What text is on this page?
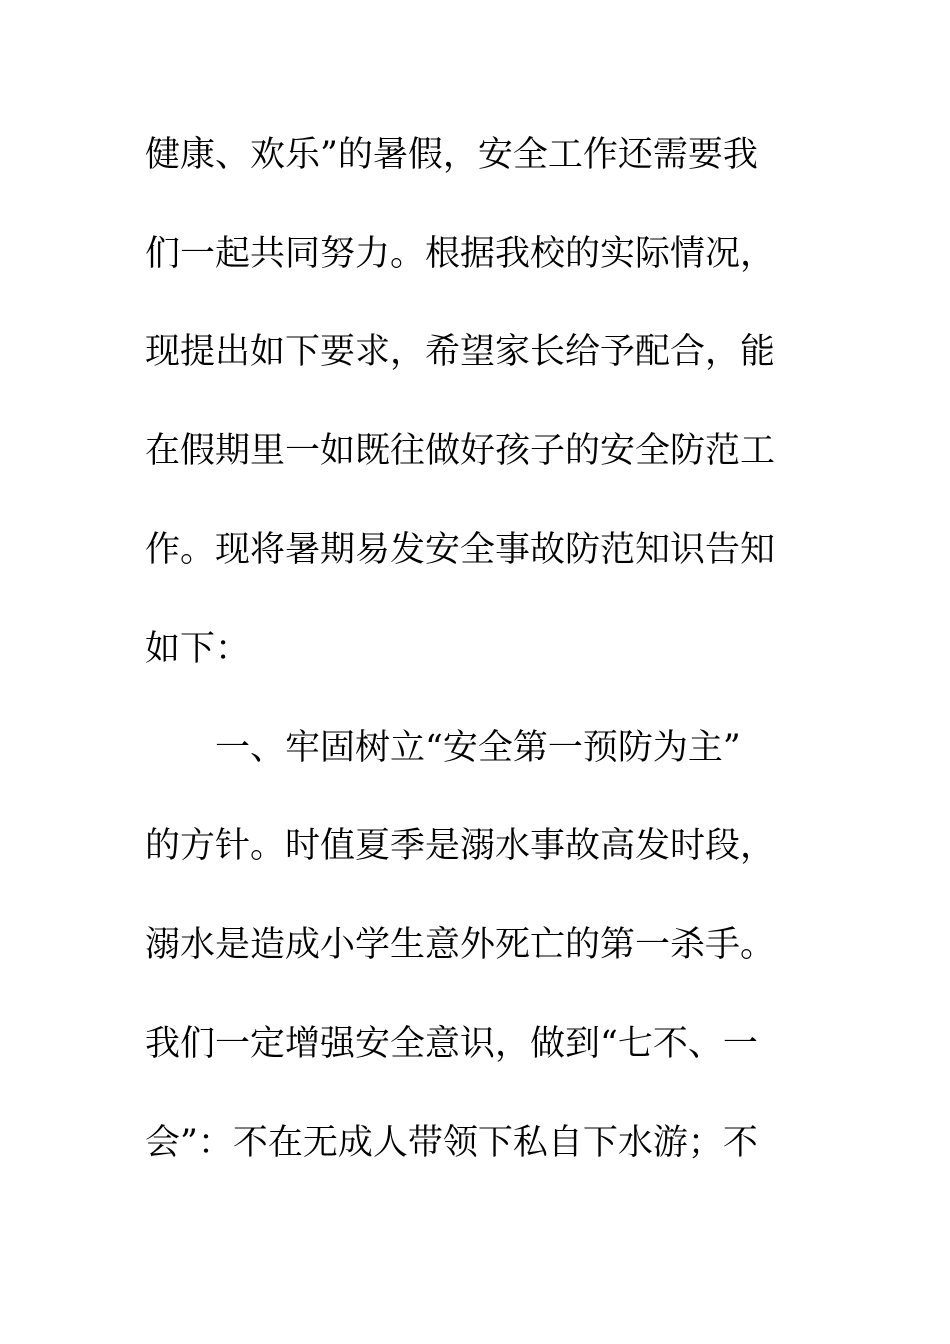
健康、欢乐”的暑假，安全工作还需要我
们一起共同努力。根据我校的实际情况，
现提出如下要求，希望家长给予配合，能
在假期里一如既往做好孩子的安全防范工
作。现将暑期易发安全事故防范知识告知
如下：
一、牢固树立“安全第一预防为主”
的方针。时值夏季是溺水事故高发时段，
溺水是造成小学生意外死亡的第一杀手。
我们一定增强安全意识，做到“七不、一
会”：不在无成人带领下私自下水游；不
